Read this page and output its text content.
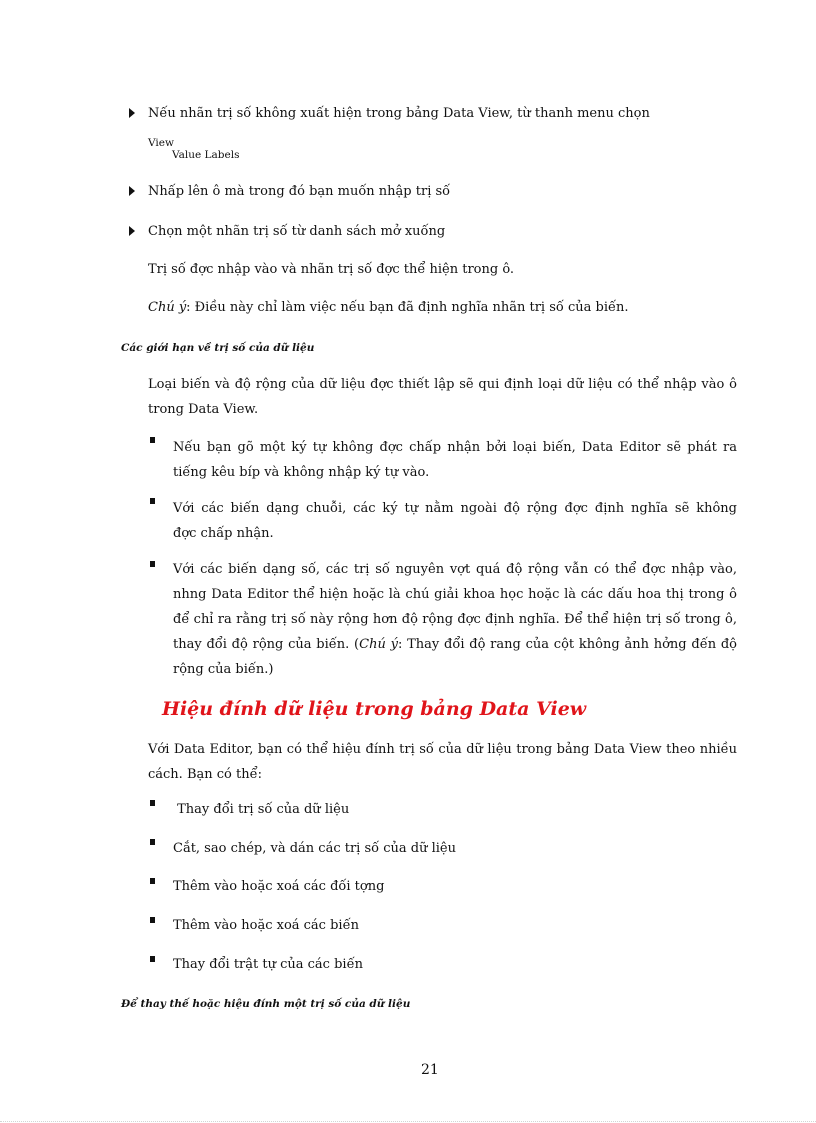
Nếu nhãn trị số không xuất hiện trong bảng Data View, từ thanh menu chọn
View
Value Labels
Nhấp lên ô mà trong đó bạn muốn nhập trị số
Chọn một nhãn trị số từ danh sách mở xuống
Trị số đợc nhập vào và nhãn trị số đợc thể hiện trong ô.
Chú ý: Điều này chỉ làm việc nếu bạn đã định nghĩa nhãn trị số của biến.
Các giới hạn về trị số của dữ liệu
Loại biến và độ rộng của dữ liệu đợc thiết lập sẽ qui định loại dữ liệu có thể nhập vào ô
trong Data View.
Nếu bạn gõ một ký tự không đợc chấp nhận bởi loại biến, Data Editor sẽ phát ra
tiếng kêu bíp và không nhập ký tự vào.
Với các biến dạng chuỗi, các ký tự nằm ngoài độ rộng đợc định nghĩa sẽ không
đợc chấp nhận.
Với các biến dạng số, các trị số nguyên vợt quá độ rộng vẫn có thể đợc nhập vào,
nhng Data Editor thể hiện hoặc là chú giải khoa học hoặc là các dấu hoa thị trong ô
để chỉ ra rằng trị số này rộng hơn độ rộng đợc định nghĩa. Để thể hiện trị số trong ô,
thay đổi độ rộng của biến. (Chú ý: Thay đổi độ rang của cột không ảnh hởng đến độ
rộng của biến.)
Hiệu đính dữ liệu trong bảng Data View
Với Data Editor, bạn có thể hiệu đính trị số của dữ liệu trong bảng Data View theo nhiều
cách. Bạn có thể:
Thay đổi trị số của dữ liệu
Cắt, sao chép, và dán các trị số của dữ liệu
Thêm vào hoặc xoá các đối tợng
Thêm vào hoặc xoá các biến
Thay đổi trật tự của các biến
Để thay thế hoặc hiệu đính một trị số của dữ liệu
21
